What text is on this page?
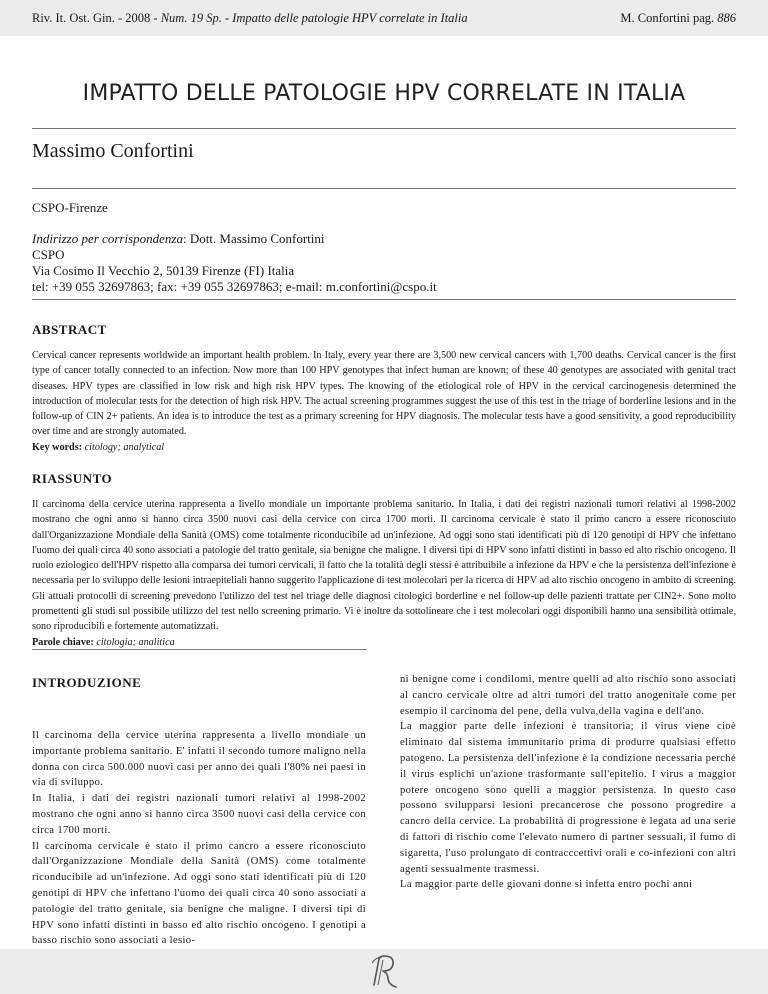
Riv. It. Ost. Gin. - 2008 - Num. 19 Sp. - Impatto delle patologie HPV correlate in Italia	M. Confortini pag. 886
IMPATTO DELLE PATOLOGIE HPV CORRELATE IN ITALIA
Massimo Confortini
CSPO-Firenze
Indirizzo per corrispondenza: Dott. Massimo Confortini
CSPO
Via Cosimo Il Vecchio 2, 50139 Firenze (FI) Italia
tel: +39 055 32697863; fax: +39 055 32697863; e-mail: m.confortini@cspo.it
ABSTRACT
Cervical cancer represents worldwide an important health problem. In Italy, every year there are 3,500 new cervical cancers with 1,700 deaths. Cervical cancer is the first type of cancer totally connected to an infection. Now more than 100 HPV genotypes that infect human are known; of these 40 genotypes are associated with genital tract diseases. HPV types are classified in low risk and high risk HPV types. The knowing of the etiological role of HPV in the cervical carcinogenesis determined the introduction of molecular tests for the detection of high risk HPV. The actual screening programmes suggest the use of this test in the triage of borderline lesions and in the follow-up of CIN 2+ patients. An idea is to introduce the test as a primary screening for HPV diagnosis. The molecular tests have a good sensitivity, a good reproducibility over time and are strongly automated.
Key words: citology; analytical
RIASSUNTO
Il carcinoma della cervice uterina rappresenta a livello mondiale un importante problema sanitario. In Italia, i dati dei registri nazionali tumori relativi al 1998-2002 mostrano che ogni anno si hanno circa 3500 nuovi casi della cervice con circa 1700 morti. Il carcinoma cervicale è stato il primo cancro a essere riconosciuto dall'Organizzazione Mondiale della Sanità (OMS) come totalmente riconducibile ad un'infezione. Ad oggi sono stati identificati più di 120 genotipi di HPV che infettano l'uomo dei quali circa 40 sono associati a patologie del tratto genitale, sia benigne che maligne. I diversi tipi di HPV sono infatti distinti in basso ed alto rischio oncogeno. Il ruolo eziologico dell'HPV rispetto alla comparsa dei tumori cervicali, il fatto che la totalità degli stessi è attribuibile a infezione da HPV e che la persistenza dell'infezione è necessaria per lo sviluppo delle lesioni intraepiteliali hanno suggerito l'applicazione di test molecolari per la ricerca di HPV ad alto rischio oncogeno in ambito di screening. Gli attuali protocolli di screening prevedono l'utilizzo del test nel triage delle diagnosi citologici borderline e nel follow-up delle pazienti trattate per CIN2+. Sono molto promettenti gli studi sul possibile utilizzo del test nello screening primario. Vi è inoltre da sottolineare che i test molecolari oggi disponibili hanno una sensibilità ottimale, sono riproducibili e fortemente automatizzati.
Parole chiave: citologia; analitica
INTRODUZIONE

Il carcinoma della cervice uterina rappresenta a livello mondiale un importante problema sanitario. E' infatti il secondo tumore maligno nella donna con circa 500.000 nuovi casi per anno dei quali l'80% nei paesi in via di sviluppo.

In Italia, i dati dei registri nazionali tumori relativi al 1998-2002 mostrano che ogni anno si hanno circa 3500 nuovi casi della cervice con circa 1700 morti.

Il carcinoma cervicale è stato il primo cancro a essere riconosciuto dall'Organizzazione Mondiale della Sanità (OMS) come totalmente riconducibile ad un'infezione. Ad oggi sono stati identificati più di 120 genotipi di HPV che infettano l'uomo dei quali circa 40 sono associati a patologie del tratto genitale, sia benigne che maligne. I diversi tipi di HPV sono infatti distinti in basso ed alto rischio oncogeno. I genotipi a basso rischio sono associati a lesio-

ni benigne come i condilomi, mentre quelli ad alto rischio sono associati al cancro cervicale oltre ad altri tumori del tratto anogenitale come per esempio il carcinoma del pene, della vulva,della vagina e dell'ano.

La maggior parte delle infezioni è transitoria; il virus viene cioè eliminato dal sistema immunitario prima di produrre qualsiasi effetto patogeno. La persistenza dell'infezione è la condizione necessaria perché il virus esplichi un'azione trasformante sull'epitelio. I virus a maggior potere oncogeno sono quelli a maggior persistenza. In questo caso possono svilupparsi lesioni precancerose che possono progredire a cancro della cervice. La probabilità di progressione è legata ad una serie di fattori di rischio come l'elevato numero di partner sessuali, il fumo di sigaretta, l'uso prolungato di contracccettivi orali e co-infezioni con altri agenti sessualmente trasmessi.

La maggior parte delle giovani donne si infetta entro pochi anni
